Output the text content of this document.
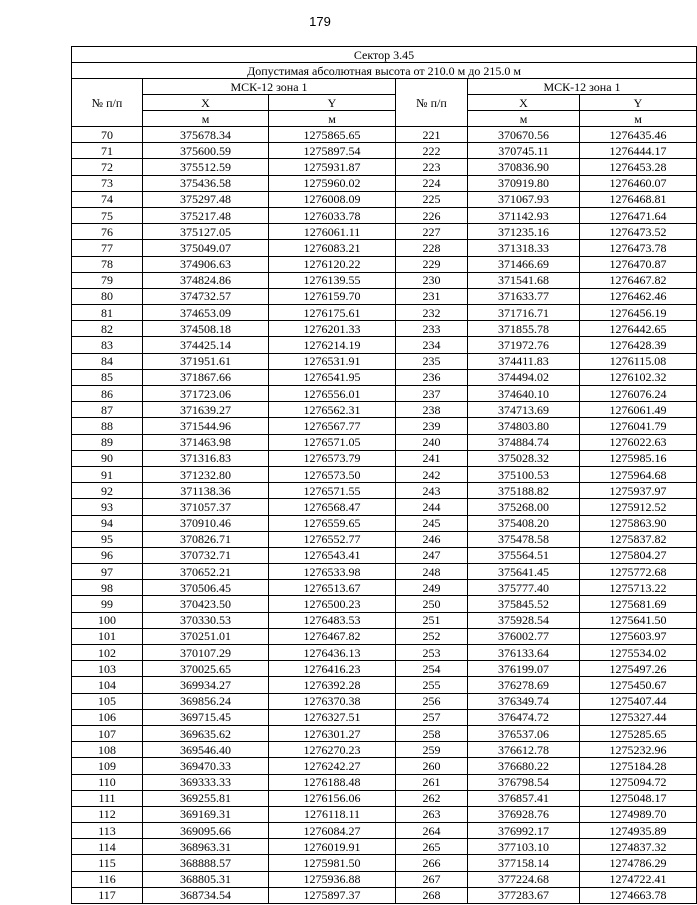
179
Сектор 3.45					
Допустимая абсолютная высота от 210.0 м до 215.0 м					
№ п/п	МСК-12 зона 1		№ п/п	МСК-12 зона 1	
	X	Y		X	Y
	м	м		м	м
70	375678.34	1275865.65	221	370670.56	1276435.46
71	375600.59	1275897.54	222	370745.11	1276444.17
72	375512.59	1275931.87	223	370836.90	1276453.28
73	375436.58	1275960.02	224	370919.80	1276460.07
74	375297.48	1276008.09	225	371067.93	1276468.81
75	375217.48	1276033.78	226	371142.93	1276471.64
76	375127.05	1276061.11	227	371235.16	1276473.52
77	375049.07	1276083.21	228	371318.33	1276473.78
78	374906.63	1276120.22	229	371466.69	1276470.87
79	374824.86	1276139.55	230	371541.68	1276467.82
80	374732.57	1276159.70	231	371633.77	1276462.46
81	374653.09	1276175.61	232	371716.71	1276456.19
82	374508.18	1276201.33	233	371855.78	1276442.65
83	374425.14	1276214.19	234	371972.76	1276428.39
84	371951.61	1276531.91	235	374411.83	1276115.08
85	371867.66	1276541.95	236	374494.02	1276102.32
86	371723.06	1276556.01	237	374640.10	1276076.24
87	371639.27	1276562.31	238	374713.69	1276061.49
88	371544.96	1276567.77	239	374803.80	1276041.79
89	371463.98	1276571.05	240	374884.74	1276022.63
90	371316.83	1276573.79	241	375028.32	1275985.16
91	371232.80	1276573.50	242	375100.53	1275964.68
92	371138.36	1276571.55	243	375188.82	1275937.97
93	371057.37	1276568.47	244	375268.00	1275912.52
94	370910.46	1276559.65	245	375408.20	1275863.90
95	370826.71	1276552.77	246	375478.58	1275837.82
96	370732.71	1276543.41	247	375564.51	1275804.27
97	370652.21	1276533.98	248	375641.45	1275772.68
98	370506.45	1276513.67	249	375777.40	1275713.22
99	370423.50	1276500.23	250	375845.52	1275681.69
100	370330.53	1276483.53	251	375928.54	1275641.50
101	370251.01	1276467.82	252	376002.77	1275603.97
102	370107.29	1276436.13	253	376133.64	1275534.02
103	370025.65	1276416.23	254	376199.07	1275497.26
104	369934.27	1276392.28	255	376278.69	1275450.67
105	369856.24	1276370.38	256	376349.74	1275407.44
106	369715.45	1276327.51	257	376474.72	1275327.44
107	369635.62	1276301.27	258	376537.06	1275285.65
108	369546.40	1276270.23	259	376612.78	1275232.96
109	369470.33	1276242.27	260	376680.22	1275184.28
110	369333.33	1276188.48	261	376798.54	1275094.72
111	369255.81	1276156.06	262	376857.41	1275048.17
112	369169.31	1276118.11	263	376928.76	1274989.70
113	369095.66	1276084.27	264	376992.17	1274935.89
114	368963.31	1276019.91	265	377103.10	1274837.32
115	368888.57	1275981.50	266	377158.14	1274786.29
116	368805.31	1275936.88	267	377224.68	1274722.41
117	368734.54	1275897.37	268	377283.67	1274663.78
